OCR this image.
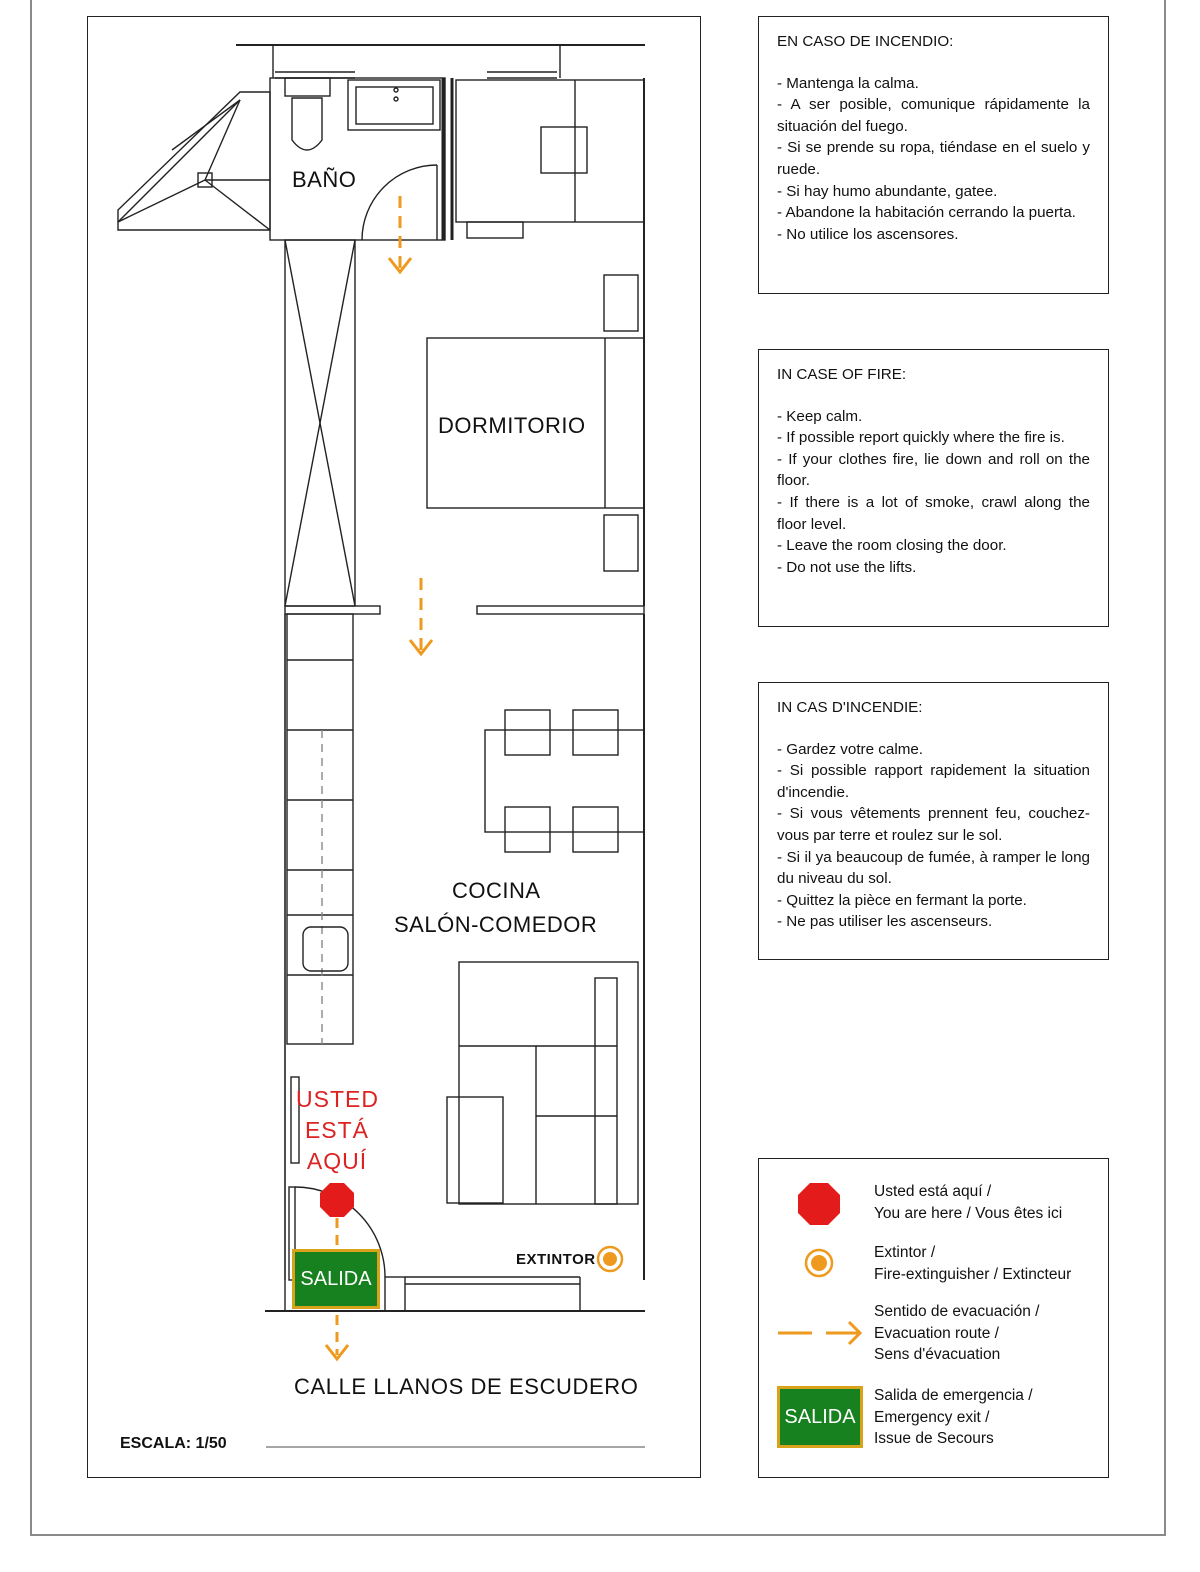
BAÑO
DORMITORIO
COCINA
SALÓN-COMEDOR
USTED
ESTÁ
AQUÍ
SALIDA
EXTINTOR
CALLE LLANOS DE ESCUDERO
ESCALA: 1/50
EN CASO DE INCENDIO:
- Mantenga la calma.
- A ser posible, comunique rápidamente la situación del fuego.
- Si se prende su ropa, tiéndase en el suelo y ruede.
- Si hay humo abundante, gatee.
- Abandone la habitación cerrando la puerta.
- No utilice los ascensores.
IN CASE OF FIRE:
- Keep calm.
- If possible report quickly where the fire is.
- If your clothes fire, lie down and roll on the floor.
- If there is a lot of smoke, crawl along the floor level.
- Leave the room closing the door.
- Do not use the lifts.
IN CAS D'INCENDIE:
- Gardez votre calme.
- Si possible rapport rapidement la situation d'incendie.
- Si vous vêtements prennent feu, couchez-vous par terre et roulez sur le sol.
- Si il ya beaucoup de fumée, à ramper le long du niveau du sol.
- Quittez la pièce en fermant la porte.
- Ne pas utiliser les ascenseurs.
Usted está aquí /
You are here / Vous êtes ici
Extintor /
Fire-extinguisher / Extincteur
Sentido de evacuación /
Evacuation route /
Sens d'évacuation
SALIDA
Salida de emergencia /
Emergency exit /
Issue de Secours
